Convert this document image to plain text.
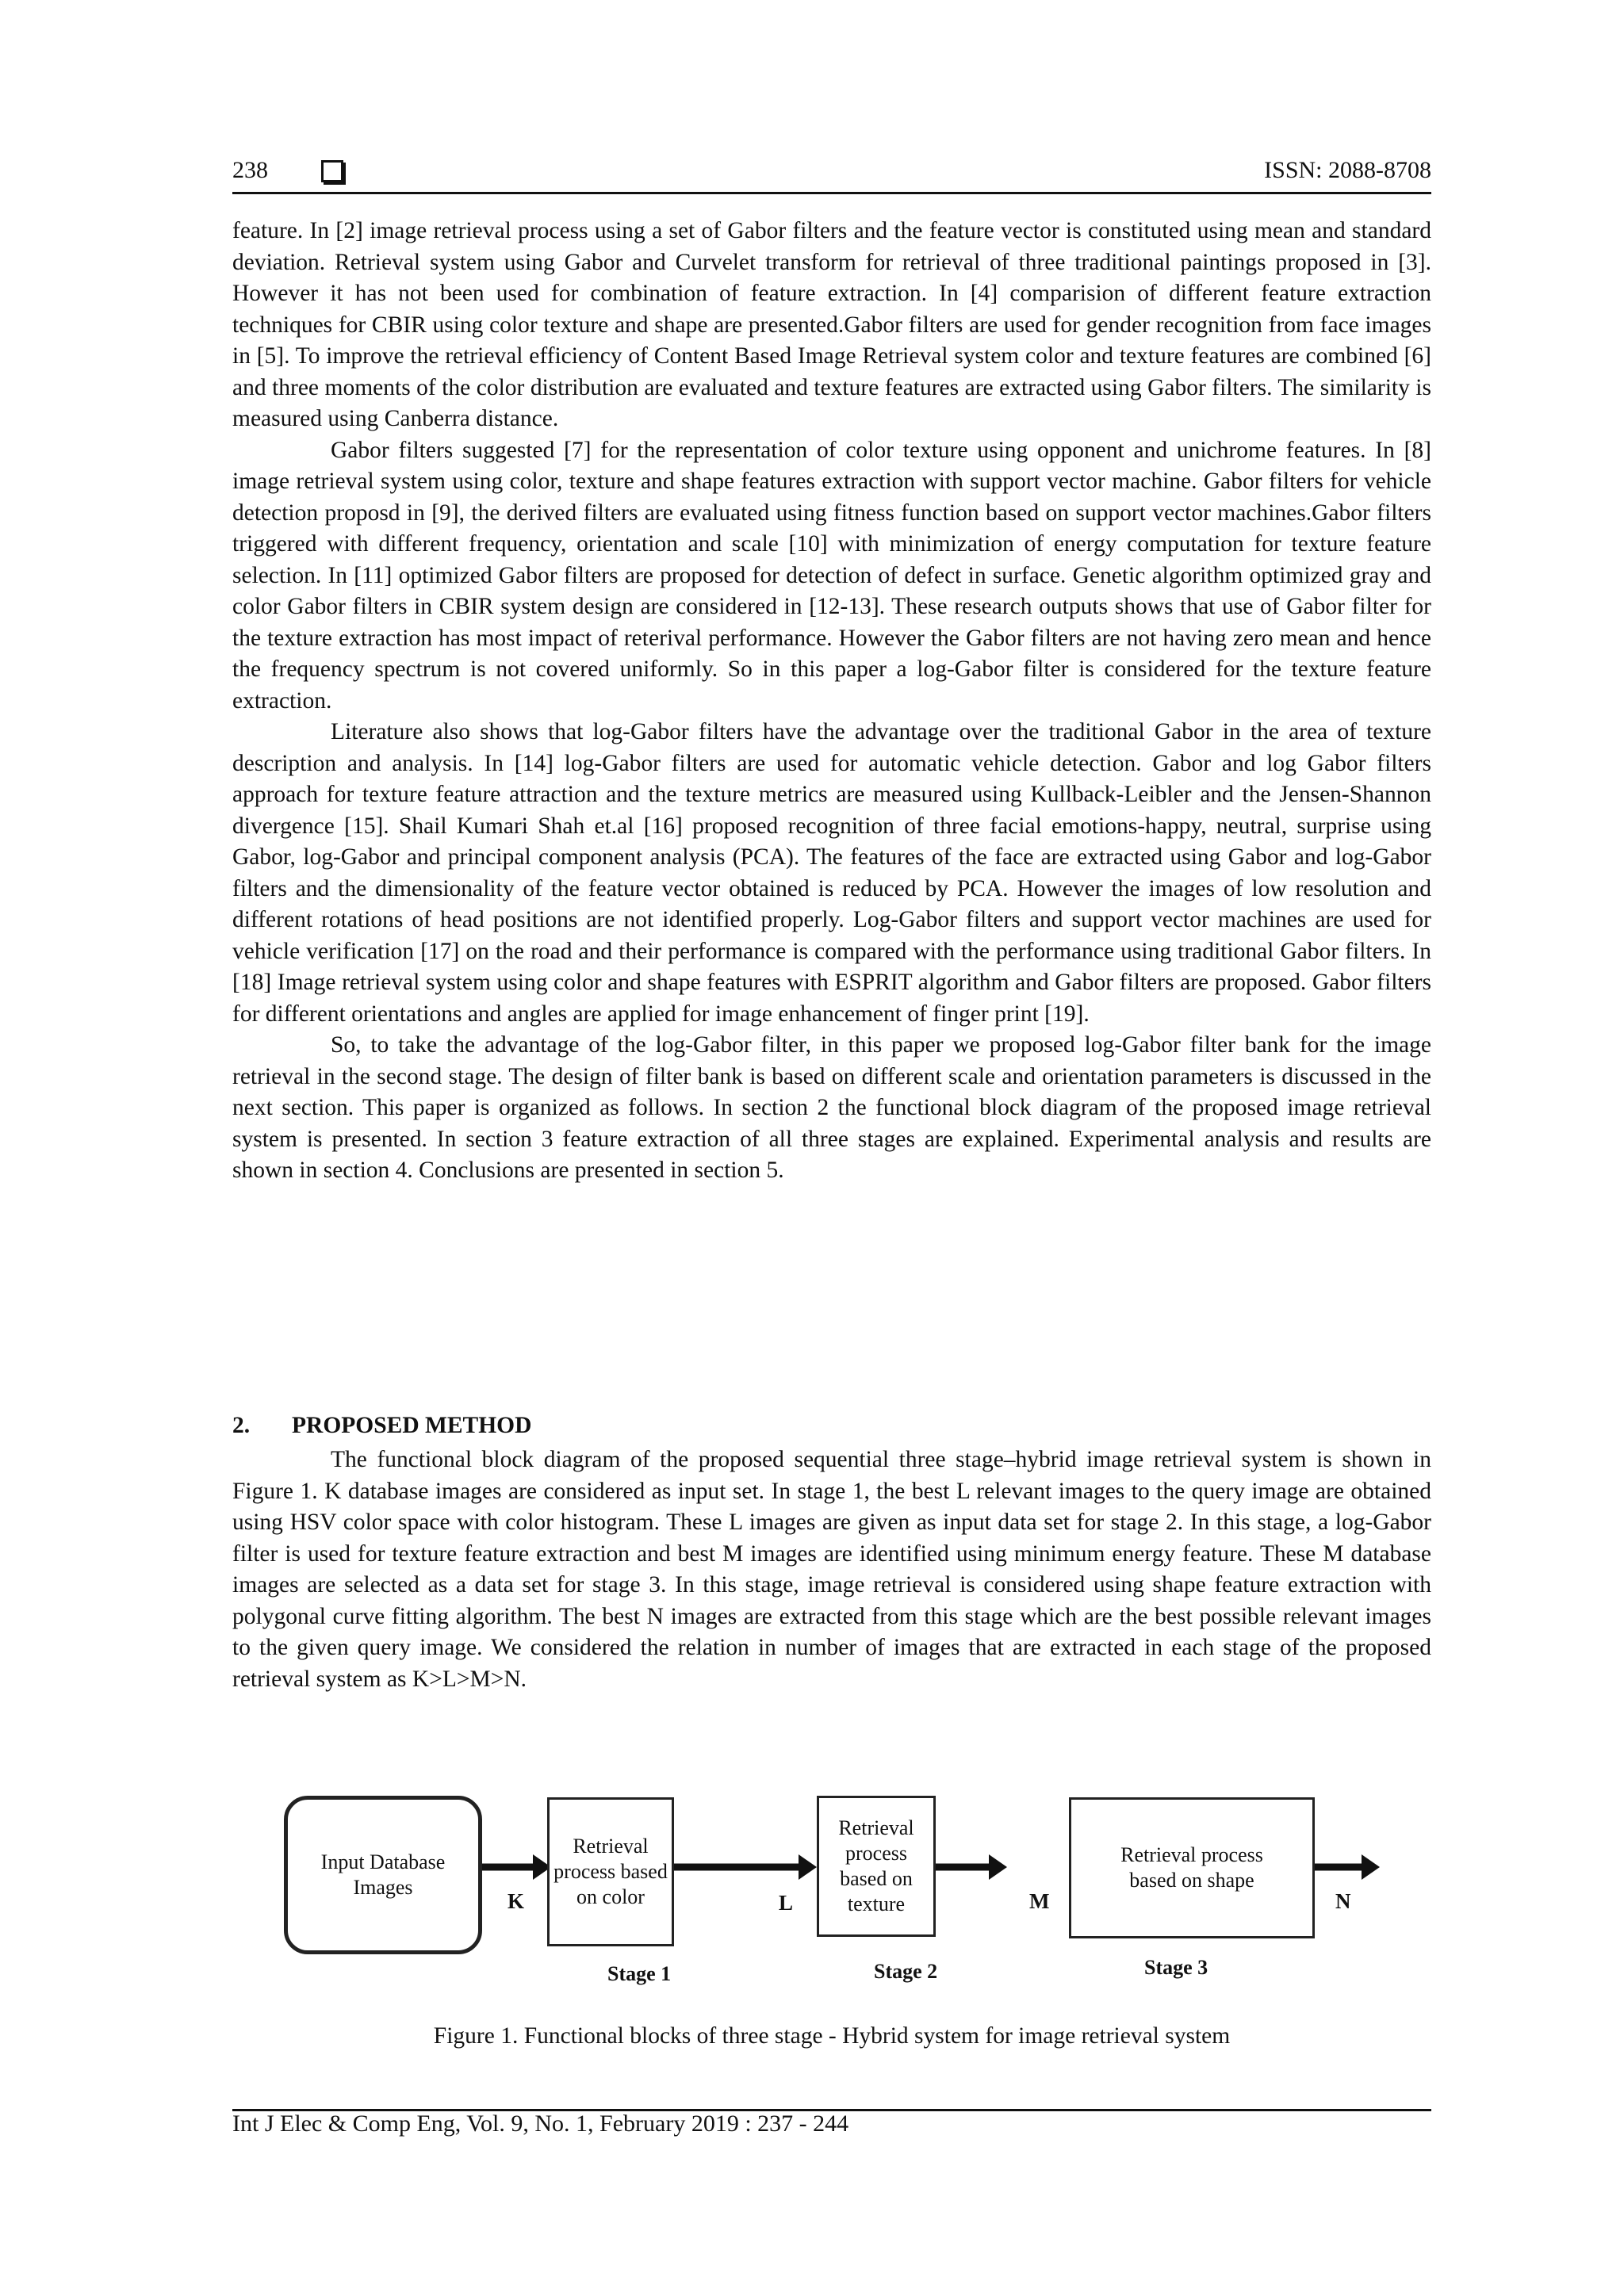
238	ISSN: 2088-8708

feature. In [2] image retrieval process using a set of Gabor filters and the feature vector is constituted using mean and standard deviation. Retrieval system using Gabor and Curvelet transform for retrieval of three traditional paintings proposed in [3]. However it has not been used for combination of feature extraction. In [4] comparision of different feature extraction techniques for CBIR using color texture and shape are presented.Gabor filters are used for gender recognition from face images in [5]. To improve the retrieval efficiency of Content Based Image Retrieval system color and texture features are combined [6] and three moments of the color distribution are evaluated and texture features are extracted using Gabor filters. The similarity is measured using Canberra distance.

Gabor filters suggested [7] for the representation of color texture using opponent and unichrome features. In [8] image retrieval system using color, texture and shape features extraction with support vector machine. Gabor filters for vehicle detection proposd in [9], the derived filters are evaluated using fitness function based on support vector machines.Gabor filters triggered with different frequency, orientation and scale [10] with minimization of energy computation for texture feature selection. In [11] optimized Gabor filters are proposed for detection of defect in surface. Genetic algorithm optimized gray and color Gabor filters in CBIR system design are considered in [12-13]. These research outputs shows that use of Gabor filter for the texture extraction has most impact of reterival performance. However the Gabor filters are not having zero mean and hence the frequency spectrum is not covered uniformly. So in this paper a log-Gabor filter is considered for the texture feature extraction.

Literature also shows that log-Gabor filters have the advantage over the traditional Gabor in the area of texture description and analysis. In [14] log-Gabor filters are used for automatic vehicle detection. Gabor and log Gabor filters approach for texture feature attraction and the texture metrics are measured using Kullback-Leibler and the Jensen-Shannon divergence [15]. Shail Kumari Shah et.al [16] proposed recognition of three facial emotions-happy, neutral, surprise using Gabor, log-Gabor and principal component analysis (PCA). The features of the face are extracted using Gabor and log-Gabor filters and the dimensionality of the feature vector obtained is reduced by PCA. However the images of low resolution and different rotations of head positions are not identified properly. Log-Gabor filters and support vector machines are used for vehicle verification [17] on the road and their performance is compared with the performance using traditional Gabor filters. In [18] Image retrieval system using color and shape features with ESPRIT algorithm and Gabor filters are proposed. Gabor filters for different orientations and angles are applied for image enhancement of finger print [19].

So, to take the advantage of the log-Gabor filter, in this paper we proposed log-Gabor filter bank for the image retrieval in the second stage. The design of filter bank is based on different scale and orientation parameters is discussed in the next section. This paper is organized as follows. In section 2 the functional block diagram of the proposed image retrieval system is presented. In section 3 feature extraction of all three stages are explained. Experimental analysis and results are shown in section 4. Conclusions are presented in section 5.

2. PROPOSED METHOD

The functional block diagram of the proposed sequential three stage–hybrid image retrieval system is shown in Figure 1. K database images are considered as input set. In stage 1, the best L relevant images to the query image are obtained using HSV color space with color histogram. These L images are given as input data set for stage 2. In this stage, a log-Gabor filter is used for texture feature extraction and best M images are identified using minimum energy feature. These M database images are selected as a data set for stage 3. In this stage, image retrieval is considered using shape feature extraction with polygonal curve fitting algorithm. The best N images are extracted from this stage which are the best possible relevant images to the given query image. We considered the relation in number of images that are extracted in each stage of the proposed retrieval system as K>L>M>N.

Input Database Images
Retrieval process based on color
Retrieval process based on texture
Retrieval process based on shape
K	L	M	N
Stage 1	Stage 2	Stage 3
Figure 1. Functional blocks of three stage - Hybrid system for image retrieval system
Int J Elec & Comp Eng, Vol. 9, No. 1, February 2019 : 237 - 244
